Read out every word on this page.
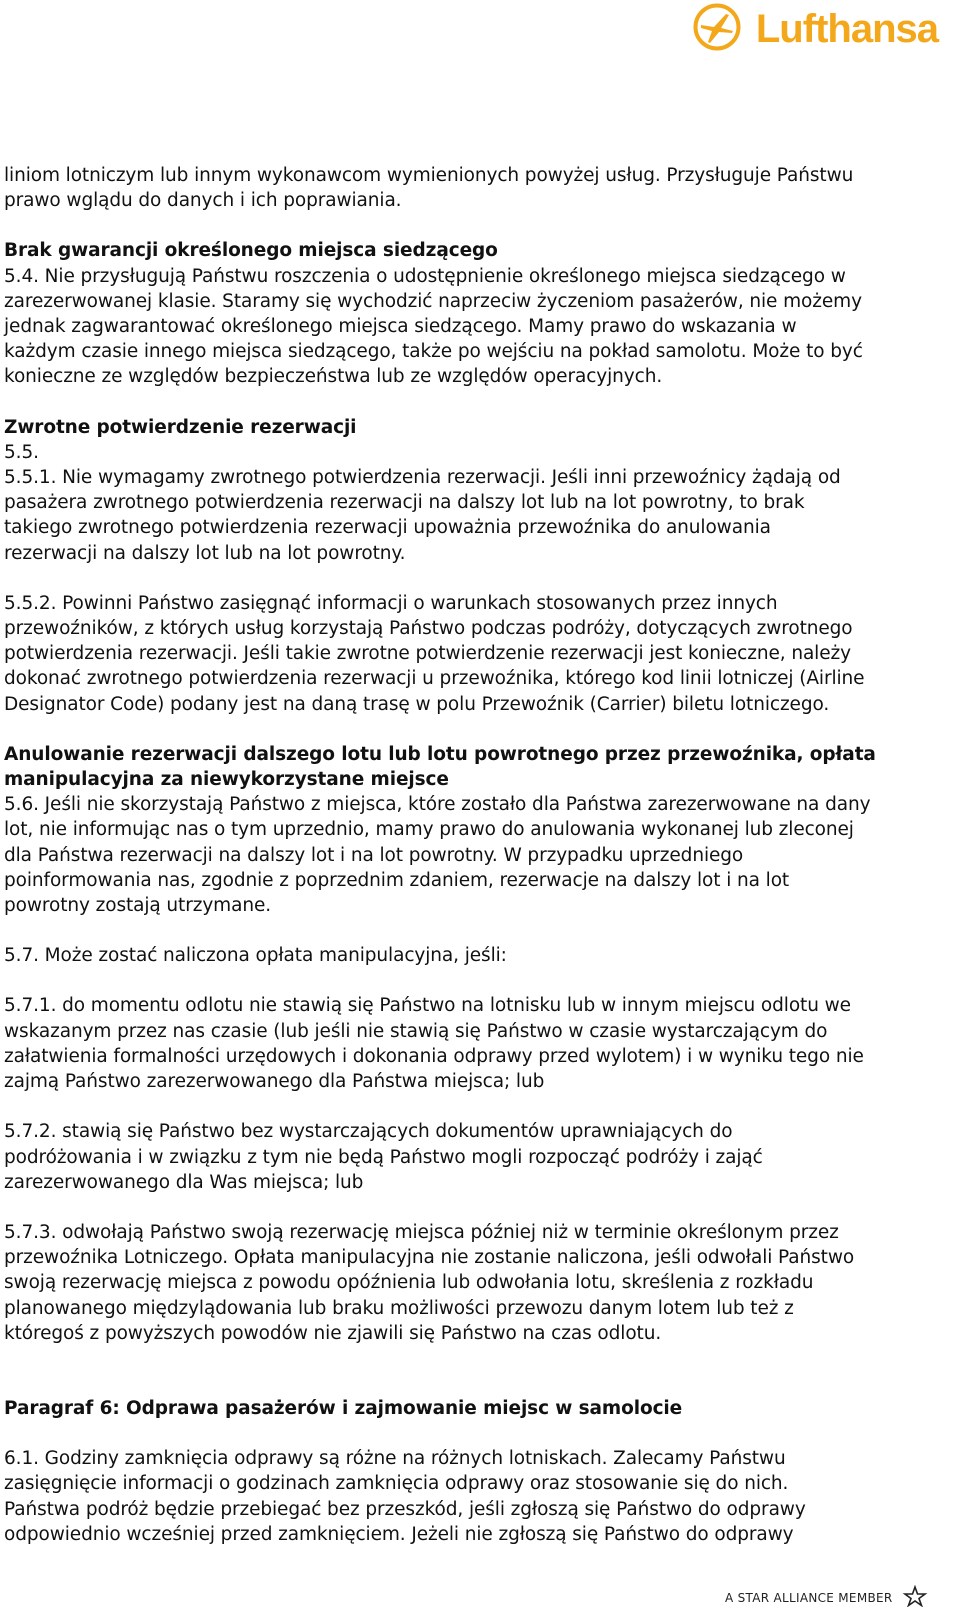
Lufthansa

liniom lotniczym lub innym wykonawcom wymienionych powyżej usług. Przysługuje Państwu

prawo wglądu do danych i ich poprawiania.

Brak gwarancji określonego miejsca siedzącego

5.4. Nie przysługują Państwu roszczenia o udostępnienie określonego miejsca siedzącego w

zarezerwowanej klasie. Staramy się wychodzić naprzeciw życzeniom pasażerów, nie możemy

jednak zagwarantować określonego miejsca siedzącego. Mamy prawo do wskazania w

każdym czasie innego miejsca siedzącego, także po wejściu na pokład samolotu. Może to być

konieczne ze względów bezpieczeństwa lub ze względów operacyjnych.

Zwrotne potwierdzenie rezerwacji

5.5.

5.5.1. Nie wymagamy zwrotnego potwierdzenia rezerwacji. Jeśli inni przewoźnicy żądają od

pasażera zwrotnego potwierdzenia rezerwacji na dalszy lot lub na lot powrotny, to brak

takiego zwrotnego potwierdzenia rezerwacji upoważnia przewoźnika do anulowania

rezerwacji na dalszy lot lub na lot powrotny.

5.5.2. Powinni Państwo zasięgnąć informacji o warunkach stosowanych przez innych

przewoźników, z których usług korzystają Państwo podczas podróży, dotyczących zwrotnego

potwierdzenia rezerwacji. Jeśli takie zwrotne potwierdzenie rezerwacji jest konieczne, należy

dokonać zwrotnego potwierdzenia rezerwacji u przewoźnika, którego kod linii lotniczej (Airline

Designator Code) podany jest na daną trasę w polu Przewoźnik (Carrier) biletu lotniczego.

Anulowanie rezerwacji dalszego lotu lub lotu powrotnego przez przewoźnika, opłata

manipulacyjna za niewykorzystane miejsce

5.6. Jeśli nie skorzystają Państwo z miejsca, które zostało dla Państwa zarezerwowane na dany

lot, nie informując nas o tym uprzednio, mamy prawo do anulowania wykonanej lub zleconej

dla Państwa rezerwacji na dalszy lot i na lot powrotny. W przypadku uprzedniego

poinformowania nas, zgodnie z poprzednim zdaniem, rezerwacje na dalszy lot i na lot

powrotny zostają utrzymane.

5.7. Może zostać naliczona opłata manipulacyjna, jeśli:

5.7.1. do momentu odlotu nie stawią się Państwo na lotnisku lub w innym miejscu odlotu we

wskazanym przez nas czasie (lub jeśli nie stawią się Państwo w czasie wystarczającym do

załatwienia formalności urzędowych i dokonania odprawy przed wylotem) i w wyniku tego nie

zajmą Państwo zarezerwowanego dla Państwa miejsca; lub

5.7.2. stawią się Państwo bez wystarczających dokumentów uprawniających do

podróżowania i w związku z tym nie będą Państwo mogli rozpocząć podróży i zająć

zarezerwowanego dla Was miejsca; lub

5.7.3. odwołają Państwo swoją rezerwację miejsca później niż w terminie określonym przez

przewoźnika Lotniczego. Opłata manipulacyjna nie zostanie naliczona, jeśli odwołali Państwo

swoją rezerwację miejsca z powodu opóźnienia lub odwołania lotu, skreślenia z rozkładu

planowanego międzylądowania lub braku możliwości przewozu danym lotem lub też z

któregoś z powyższych powodów nie zjawili się Państwo na czas odlotu.

Paragraf 6: Odprawa pasażerów i zajmowanie miejsc w samolocie

6.1. Godziny zamknięcia odprawy są różne na różnych lotniskach. Zalecamy Państwu

zasięgnięcie informacji o godzinach zamknięcia odprawy oraz stosowanie się do nich.

Państwa podróż będzie przebiegać bez przeszkód, jeśli zgłoszą się Państwo do odprawy

odpowiednio wcześniej przed zamknięciem. Jeżeli nie zgłoszą się Państwo do odprawy

A STAR ALLIANCE MEMBER
